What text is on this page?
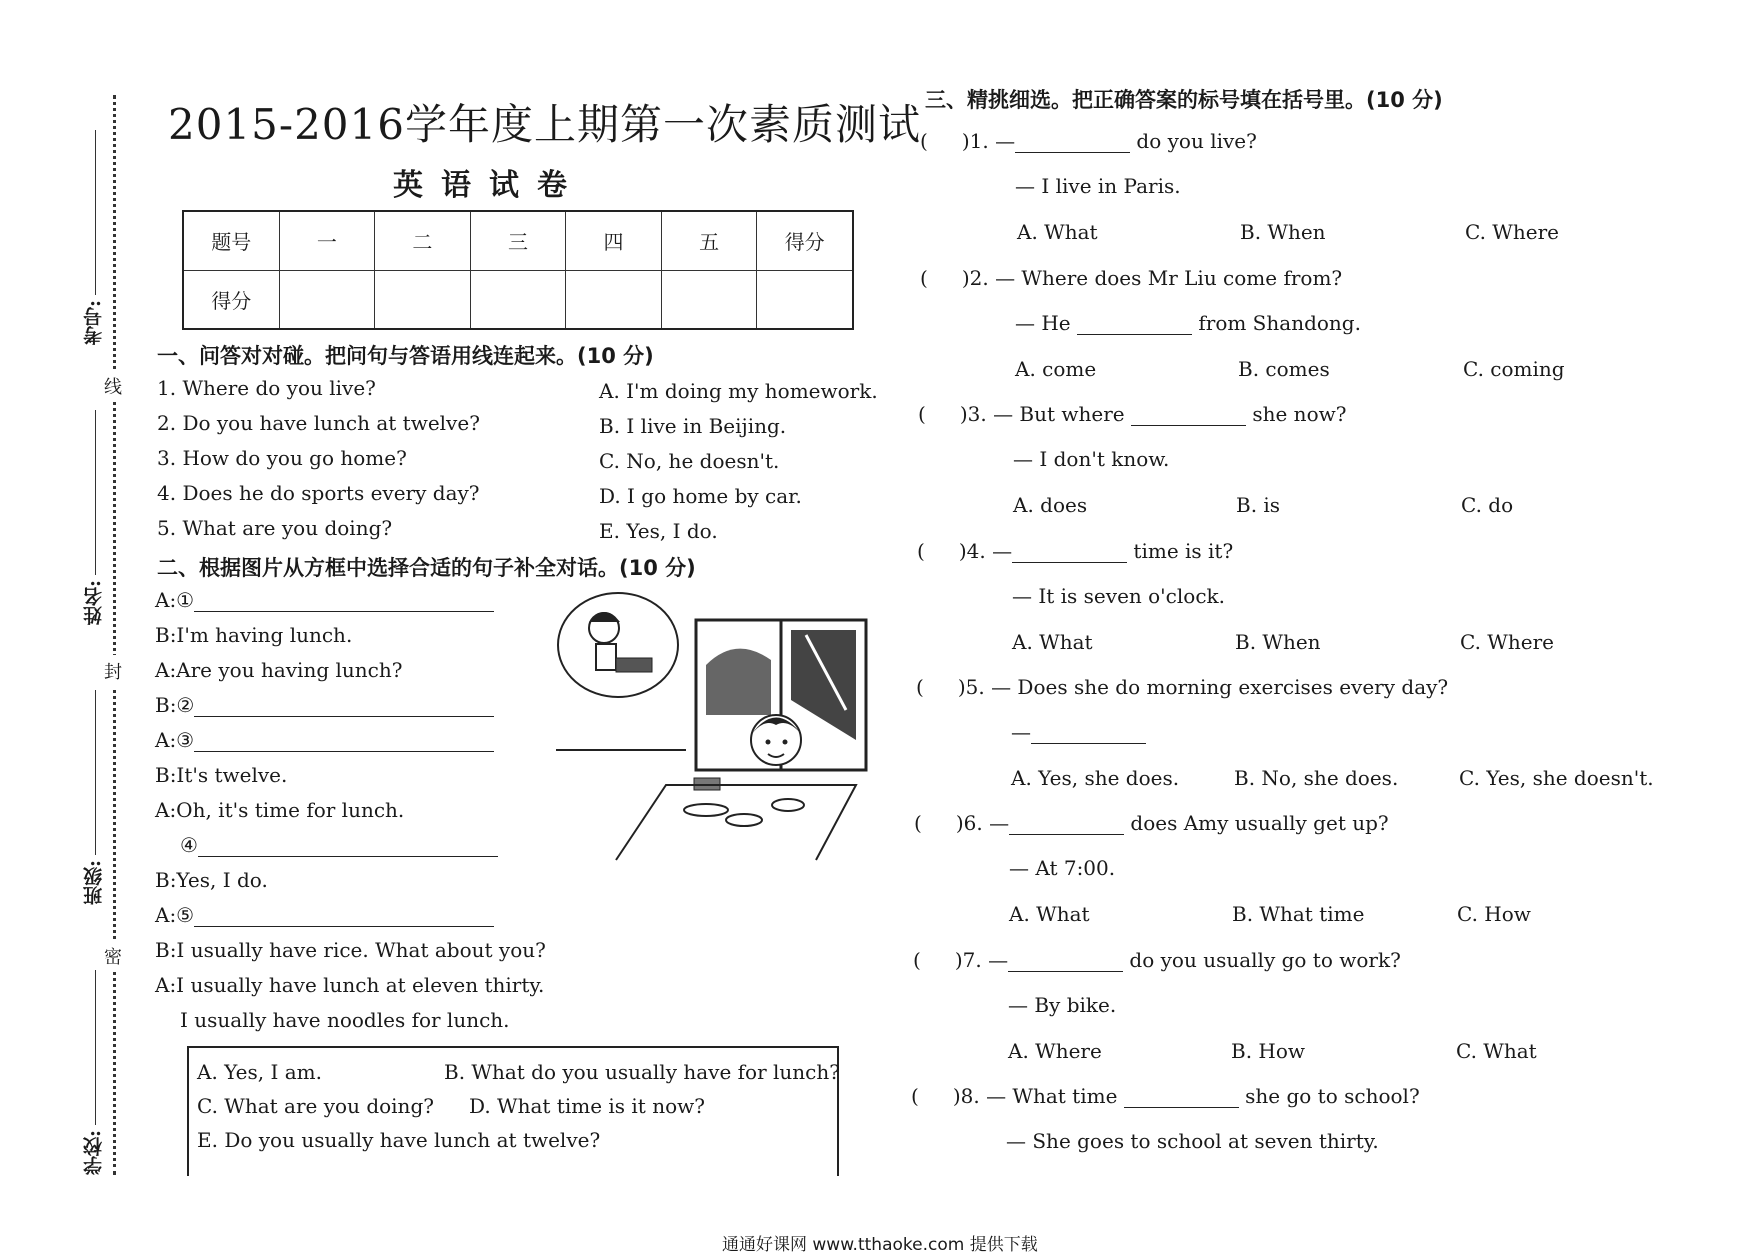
线
封
密
考号:
姓名:
班级:
学校:
2015-2016学年度上期第一次素质测试
英语试卷
题号	一	二	三	四	五	得分
得分						
一、问答对对碰。把问句与答语用线连起来。(10 分)
1. Where do you live?
2. Do you have lunch at twelve?
3. How do you go home?
4. Does he do sports every day?
5. What are you doing?
A. I'm doing my homework.
B. I live in Beijing.
C. No, he doesn't.
D. I go home by car.
E. Yes, I do.
二、根据图片从方框中选择合适的句子补全对话。(10 分)
A:①
B:I'm having lunch.
A:Are you having lunch?
B:②
A:③
B:It's twelve.
A:Oh, it's time for lunch.
④
B:Yes, I do.
A:⑤
B:I usually have rice. What about you?
A:I usually have lunch at eleven thirty.
I usually have noodles for lunch.
A. Yes, I am.	B. What do you usually have for lunch?
C. What are you doing? D. What time is it now?
E. Do you usually have lunch at twelve?
三、精挑细选。把正确答案的标号填在括号里。(10 分)
( )1. —	do you live?
— I live in Paris.
A. What	B. When	C. Where
( )2. — Where does Mr Liu come from?
— He	from Shandong.
A. come	B. comes	C. coming
( )3. — But where	she now?
— I don't know.
A. does	B. is	C. do
( )4. —	time is it?
— It is seven o'clock.
A. What	B. When	C. Where
( )5. — Does she do morning exercises every day?
—
A. Yes, she does.	B. No, she does.	C. Yes, she doesn't.
( )6. —	does Amy usually get up?
— At 7:00.
A. What	B. What time	C. How
( )7. —	do you usually go to work?
— By bike.
A. Where	B. How	C. What
( )8. — What time	she go to school?
— She goes to school at seven thirty.
通通好课网 www.tthaoke.com 提供下载
